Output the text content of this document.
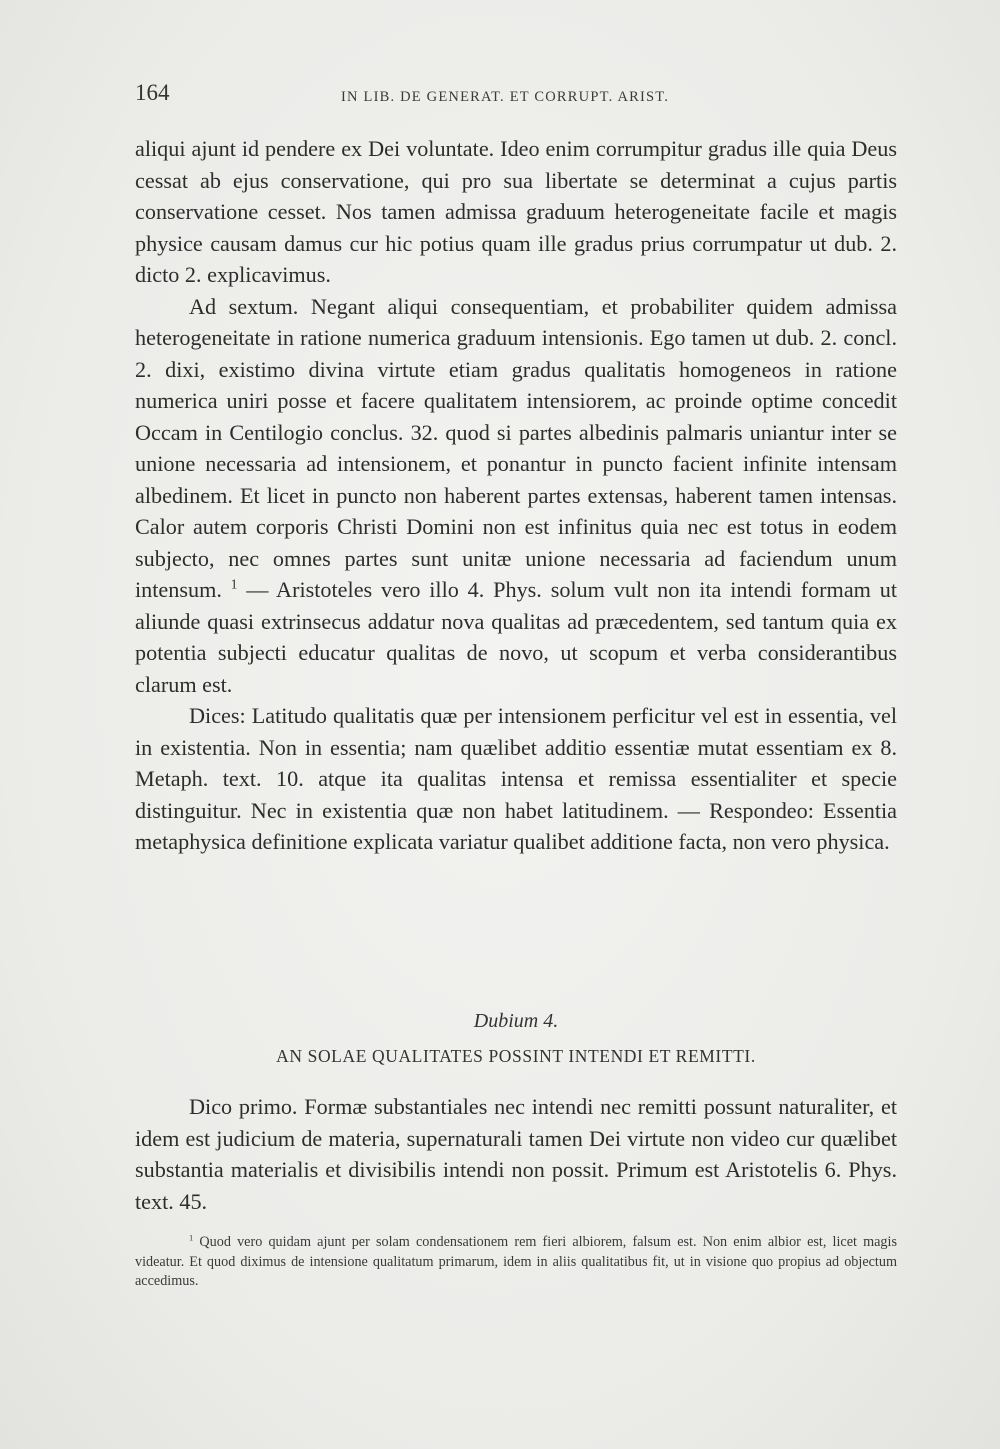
164	IN LIB. DE GENERAT. ET CORRUPT. ARIST.

aliqui ajunt id pendere ex Dei voluntate. Ideo enim corrumpitur gradus ille quia Deus cessat ab ejus conservatione, qui pro sua libertate se determinat a cujus partis conservatione cesset. Nos tamen admissa graduum heterogeneitate facile et magis physice causam damus cur hic potius quam ille gradus prius corrumpatur ut dub. 2. dicto 2. explicavimus.

Ad sextum. Negant aliqui consequentiam, et probabiliter quidem admissa heterogeneitate in ratione numerica graduum intensionis. Ego tamen ut dub. 2. concl. 2. dixi, existimo divina virtute etiam gradus qualitatis homogeneos in ratione numerica uniri posse et facere qualitatem intensiorem, ac proinde optime concedit Occam in Centilogio conclus. 32. quod si partes albedinis palmaris uniantur inter se unione necessaria ad intensionem, et ponantur in puncto facient infinite intensam albedinem. Et licet in puncto non haberent partes extensas, haberent tamen intensas. Calor autem corporis Christi Domini non est infinitus quia nec est totus in eodem subjecto, nec omnes partes sunt unitæ unione necessaria ad faciendum unum intensum. $^1$ — Aristoteles vero illo 4. Phys. solum vult non ita intendi formam ut aliunde quasi extrinsecus addatur nova qualitas ad præcedentem, sed tantum quia ex potentia subjecti educatur qualitas de novo, ut scopum et verba considerantibus clarum est.

Dices: Latitudo qualitatis quæ per intensionem perficitur vel est in essentia, vel in existentia. Non in essentia; nam quælibet additio essentiæ mutat essentiam ex 8. Metaph. text. 10. atque ita qualitas intensa et remissa essentialiter et specie distinguitur. Nec in existentia quæ non habet latitudinem. — Respondeo: Essentia metaphysica definitione explicata variatur qualibet additione facta, non vero physica.

Dubium 4.
AN SOLAE QUALITATES POSSINT INTENDI ET REMITTI.

Dico primo. Formæ substantiales nec intendi nec remitti possunt naturaliter, et idem est judicium de materia, supernaturali tamen Dei virtute non video cur quælibet substantia materialis et divisibilis intendi non possit. Primum est Aristotelis 6. Phys. text. 45.

$^1$ Quod vero quidam ajunt per solam condensationem rem fieri albiorem, falsum est. Non enim albior est, licet magis videatur. Et quod diximus de intensione qualitatum primarum, idem in aliis qualitatibus fit, ut in visione quo propius ad objectum accedimus.
